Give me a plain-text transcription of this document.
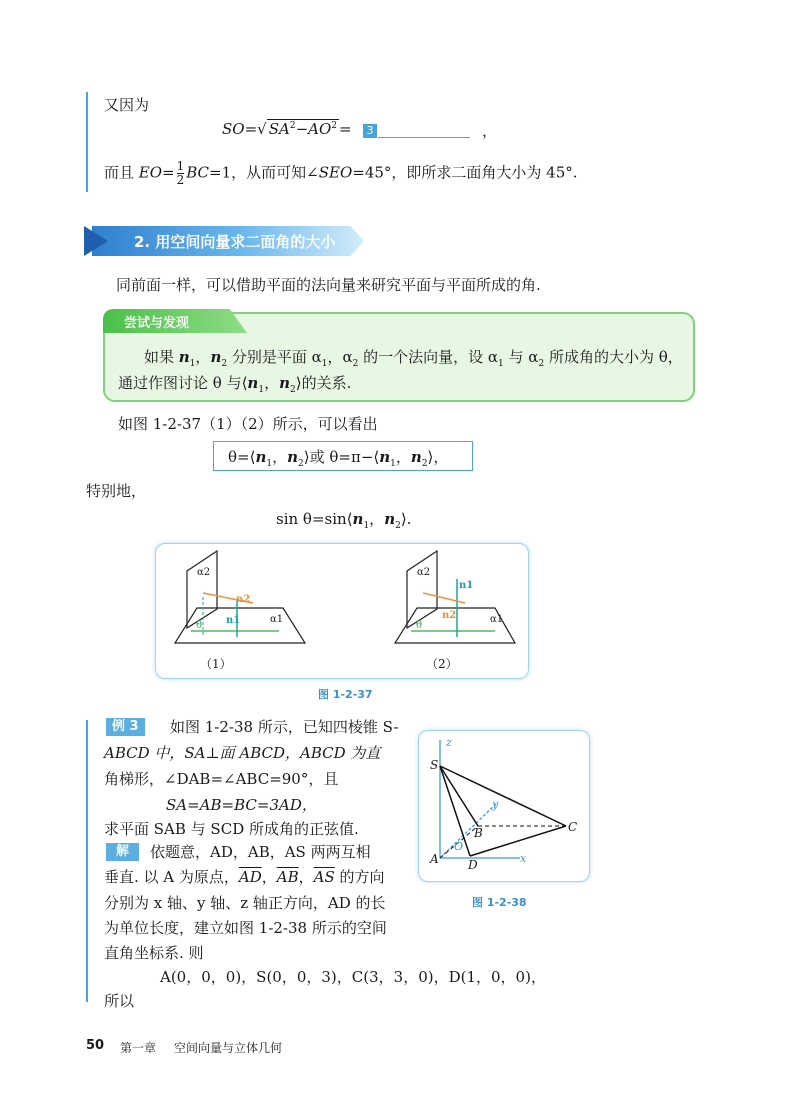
又因为
SO=√ $SA^2-AO^2$ =	3	，
而且 $EO= \frac{1}{2} BC=1$，从而可知∠SEO=45°，即所求二面角大小为 45°.
2. 用空间向量求二面角的大小
同前面一样，可以借助平面的法向量来研究平面与平面所成的角.
尝试与发现
如果 $n_1$，$n_2$ 分别是平面 $\alpha_1$，$\alpha_2$ 的一个法向量，设 $\alpha_1$ 与 $\alpha_2$ 所成角的大小为 θ，
通过作图讨论 θ 与$⟨n_1$，$n_2⟩$的关系.
如图 1-2-37（1）（2）所示，可以看出
$\theta=⟨n_1$，$n_2⟩$或 $\theta=\pi-⟨n_1$，$n_2⟩$，
特别地，
$\sin \theta=\sin⟨n_1$，$n_2⟩$.
α2
n2
n1	α1
θ
α2
n1
n2	α1
θ
（1）	（2）
图 1-2-37
例 3	如图 1-2-38 所示，已知四棱锥 S-
ABCD 中，SA⊥面 ABCD，ABCD 为直
角梯形，∠DAB=∠ABC=90°，且
SA=AB=BC=3AD，
求平面 SAB 与 SCD 所成角的正弦值.
解	依题意，AD，AB，AS 两两互相
垂直. 以 A 为原点，$\overline{AD}$，$\overline{AB}$，$\overline{AS}$ 的方向
分别为 x 轴、y 轴、z 轴正方向，AD 的长
为单位长度，建立如图 1-2-38 所示的空间
直角坐标系. 则
A(0，0，0)，S(0，0，3)，C(3，3，0)，D(1，0，0)，
所以
S
A
B	C
D
O
x
y
z
图 1-2-38
50 第一章 空间向量与立体几何
